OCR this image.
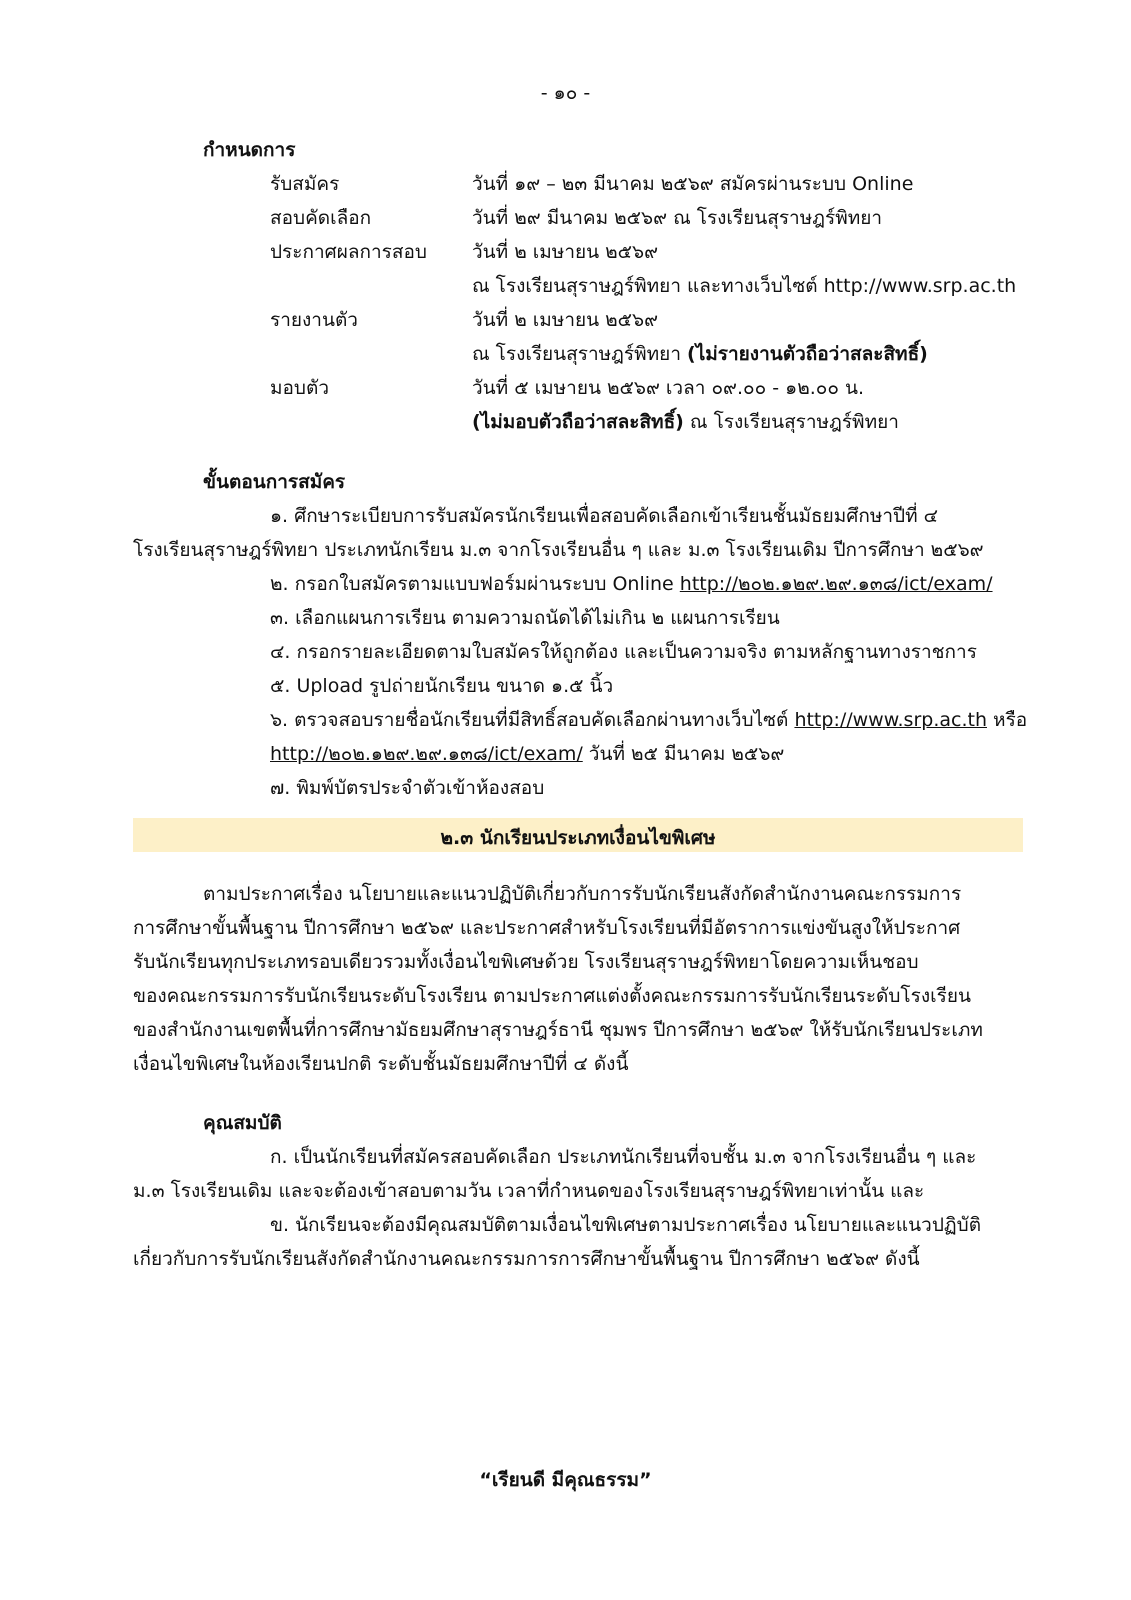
- ๑๐ -
กำหนดการ
รับสมัคร	วันที่ ๑๙ – ๒๓ มีนาคม ๒๕๖๙ สมัครผ่านระบบ Online
สอบคัดเลือก	วันที่ ๒๙ มีนาคม ๒๕๖๙ ณ โรงเรียนสุราษฎร์พิทยา
ประกาศผลการสอบ วันที่ ๒ เมษายน ๒๕๖๙
ณ โรงเรียนสุราษฎร์พิทยา และทางเว็บไซต์ http://www.srp.ac.th
รายงานตัว	วันที่ ๒ เมษายน ๒๕๖๙
ณ โรงเรียนสุราษฎร์พิทยา (ไม่รายงานตัวถือว่าสละสิทธิ์)
มอบตัว	วันที่ ๕ เมษายน ๒๕๖๙ เวลา ๐๙.๐๐ - ๑๒.๐๐ น.
(ไม่มอบตัวถือว่าสละสิทธิ์) ณ โรงเรียนสุราษฎร์พิทยา
ขั้นตอนการสมัคร
๑. ศึกษาระเบียบการรับสมัครนักเรียนเพื่อสอบคัดเลือกเข้าเรียนชั้นมัธยมศึกษาปีที่ ๔
โรงเรียนสุราษฎร์พิทยา ประเภทนักเรียน ม.๓ จากโรงเรียนอื่น ๆ และ ม.๓ โรงเรียนเดิม ปีการศึกษา ๒๕๖๙
๒. กรอกใบสมัครตามแบบฟอร์มผ่านระบบ Online http://๒๐๒.๑๒๙.๒๙.๑๓๘/ict/exam/
๓. เลือกแผนการเรียน ตามความถนัดได้ไม่เกิน ๒ แผนการเรียน
๔. กรอกรายละเอียดตามใบสมัครให้ถูกต้อง และเป็นความจริง ตามหลักฐานทางราชการ
๕. Upload รูปถ่ายนักเรียน ขนาด ๑.๕ นิ้ว
๖. ตรวจสอบรายชื่อนักเรียนที่มีสิทธิ์สอบคัดเลือกผ่านทางเว็บไซต์ http://www.srp.ac.th หรือ
http://๒๐๒.๑๒๙.๒๙.๑๓๘/ict/exam/ วันที่ ๒๕ มีนาคม ๒๕๖๙
๗. พิมพ์บัตรประจำตัวเข้าห้องสอบ
๒.๓ นักเรียนประเภทเงื่อนไขพิเศษ
ตามประกาศเรื่อง นโยบายและแนวปฏิบัติเกี่ยวกับการรับนักเรียนสังกัดสำนักงานคณะกรรมการ
การศึกษาขั้นพื้นฐาน ปีการศึกษา ๒๕๖๙ และประกาศสำหรับโรงเรียนที่มีอัตราการแข่งขันสูงให้ประกาศ
รับนักเรียนทุกประเภทรอบเดียวรวมทั้งเงื่อนไขพิเศษด้วย โรงเรียนสุราษฎร์พิทยาโดยความเห็นชอบ
ของคณะกรรมการรับนักเรียนระดับโรงเรียน ตามประกาศแต่งตั้งคณะกรรมการรับนักเรียนระดับโรงเรียน
ของสำนักงานเขตพื้นที่การศึกษามัธยมศึกษาสุราษฎร์ธานี ชุมพร ปีการศึกษา ๒๕๖๙ ให้รับนักเรียนประเภท
เงื่อนไขพิเศษในห้องเรียนปกติ ระดับชั้นมัธยมศึกษาปีที่ ๔ ดังนี้
คุณสมบัติ
ก. เป็นนักเรียนที่สมัครสอบคัดเลือก ประเภทนักเรียนที่จบชั้น ม.๓ จากโรงเรียนอื่น ๆ และ
ม.๓ โรงเรียนเดิม และจะต้องเข้าสอบตามวัน เวลาที่กำหนดของโรงเรียนสุราษฎร์พิทยาเท่านั้น และ
ข. นักเรียนจะต้องมีคุณสมบัติตามเงื่อนไขพิเศษตามประกาศเรื่อง นโยบายและแนวปฏิบัติ
เกี่ยวกับการรับนักเรียนสังกัดสำนักงานคณะกรรมการการศึกษาขั้นพื้นฐาน ปีการศึกษา ๒๕๖๙ ดังนี้
“เรียนดี มีคุณธรรม”
